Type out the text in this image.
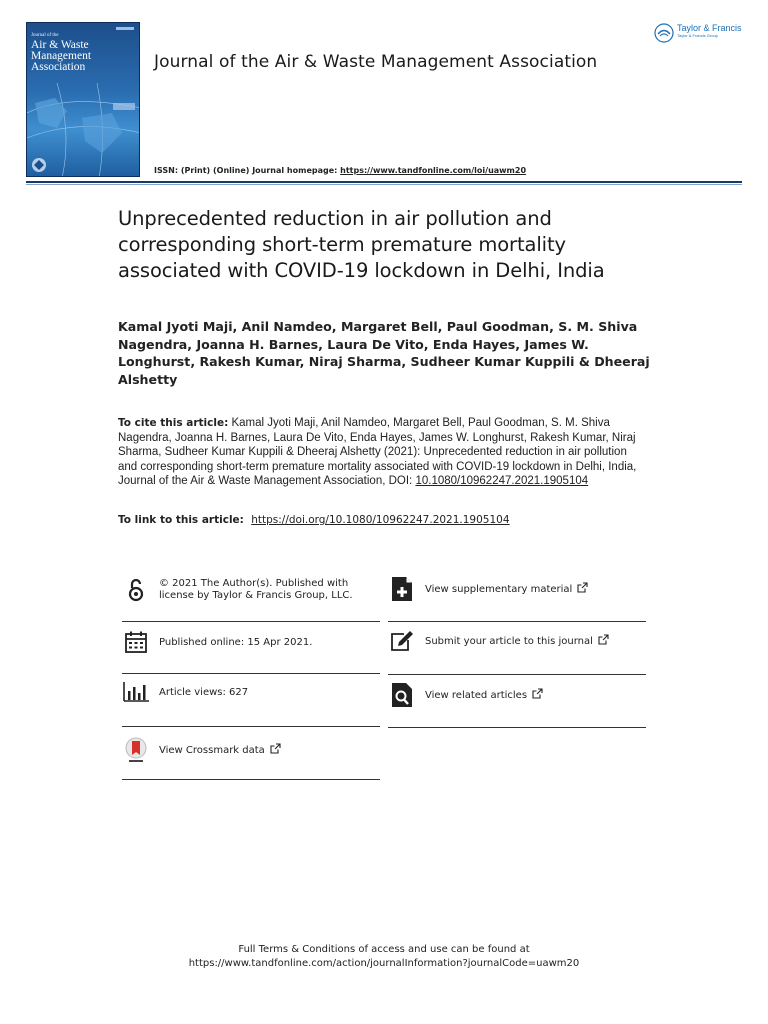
Journal of the
Air & Waste
Management
Association	Journal of the Air & Waste Management Association
ISSN: (Print) (Online) Journal homepage: https://www.tandfonline.com/loi/uawm20
Taylor & Francis
Taylor & Francis Group
Unprecedented reduction in air pollution and corresponding short-term premature mortality associated with COVID-19 lockdown in Delhi, India
Kamal Jyoti Maji, Anil Namdeo, Margaret Bell, Paul Goodman, S. M. Shiva Nagendra, Joanna H. Barnes, Laura De Vito, Enda Hayes, James W. Longhurst, Rakesh Kumar, Niraj Sharma, Sudheer Kumar Kuppili & Dheeraj Alshetty
To cite this article: Kamal Jyoti Maji, Anil Namdeo, Margaret Bell, Paul Goodman, S. M. Shiva Nagendra, Joanna H. Barnes, Laura De Vito, Enda Hayes, James W. Longhurst, Rakesh Kumar, Niraj Sharma, Sudheer Kumar Kuppili & Dheeraj Alshetty (2021): Unprecedented reduction in air pollution and corresponding short-term premature mortality associated with COVID-19 lockdown in Delhi, India, Journal of the Air & Waste Management Association, DOI: 10.1080/10962247.2021.1905104
To link to this article: https://doi.org/10.1080/10962247.2021.1905104
© 2021 The Author(s). Published with license by Taylor & Francis Group, LLC.
Published online: 15 Apr 2021.
Article views: 627
View Crossmark data
View supplementary material
Submit your article to this journal
View related articles
Full Terms & Conditions of access and use can be found at
https://www.tandfonline.com/action/journalInformation?journalCode=uawm20
